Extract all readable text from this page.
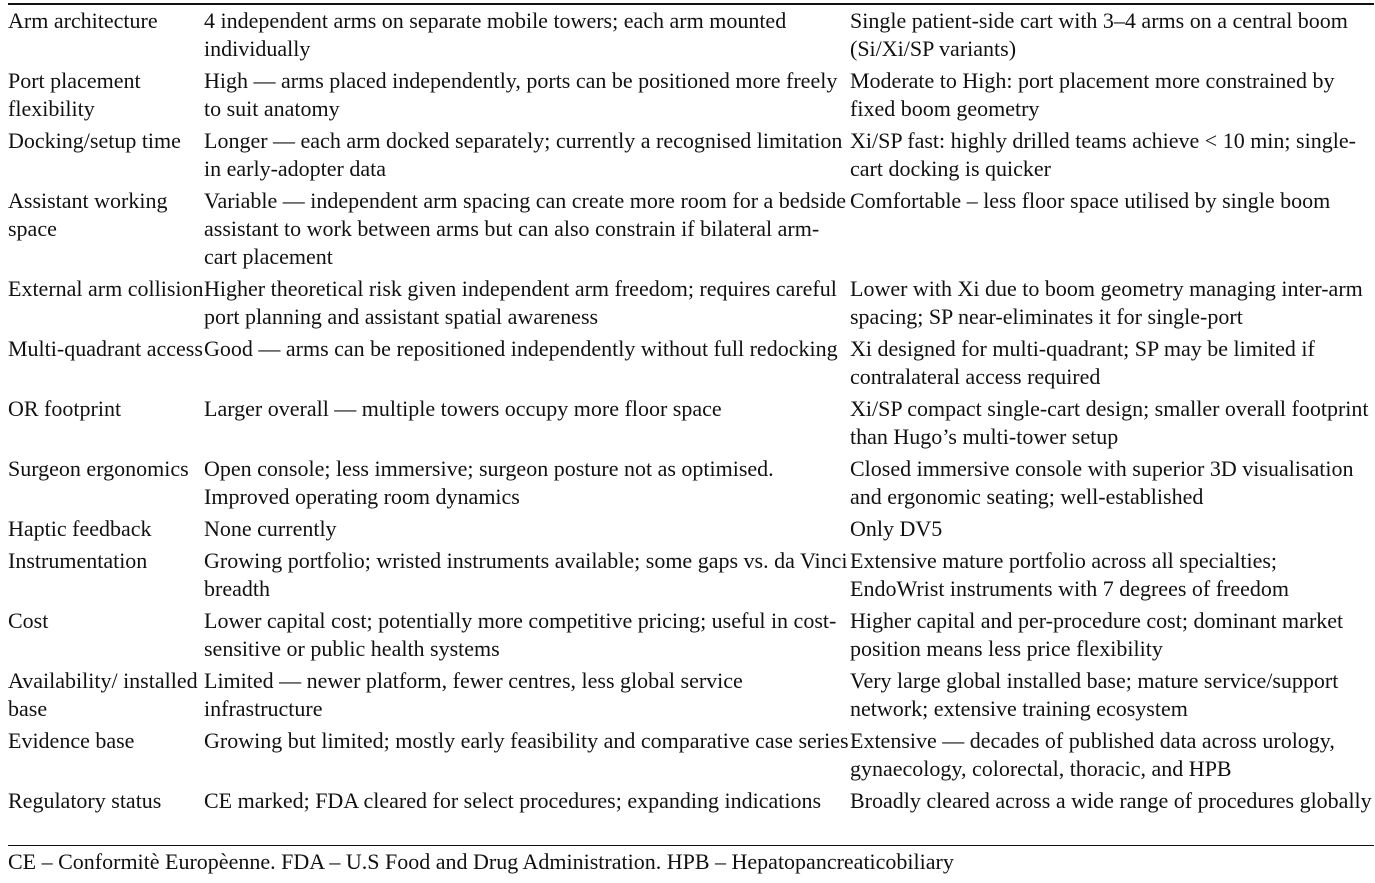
Arm architecture	4 independent arms on separate mobile towers; each arm mounted individually	Single patient-side cart with 3–4 arms on a central boom (Si/Xi/SP variants)
Port placement flexibility	High — arms placed independently, ports can be positioned more freely to suit anatomy	Moderate to High: port placement more constrained by fixed boom geometry
Docking/setup time	Longer — each arm docked separately; currently a recognised limitation in early-adopter data	Xi/SP fast: highly drilled teams achieve < 10 min; single-cart docking is quicker
Assistant working space	Variable — independent arm spacing can create more room for a bedside assistant to work between arms but can also constrain if bilateral arm-cart placement	Comfortable – less floor space utilised by single boom
External arm collision	Higher theoretical risk given independent arm freedom; requires careful port planning and assistant spatial awareness	Lower with Xi due to boom geometry managing inter-arm spacing; SP near-eliminates it for single-port
Multi-quadrant access	Good — arms can be repositioned independently without full redocking	Xi designed for multi-quadrant; SP may be limited if contralateral access required
OR footprint	Larger overall — multiple towers occupy more floor space	Xi/SP compact single-cart design; smaller overall footprint than Hugo’s multi-tower setup
Surgeon ergonomics	Open console; less immersive; surgeon posture not as optimised. Improved operating room dynamics	Closed immersive console with superior 3D visualisation and ergonomic seating; well-established
Haptic feedback	None currently	Only DV5
Instrumentation	Growing portfolio; wristed instruments available; some gaps vs. da Vinci breadth	Extensive mature portfolio across all specialties; EndoWrist instruments with 7 degrees of freedom
Cost	Lower capital cost; potentially more competitive pricing; useful in cost-sensitive or public health systems	Higher capital and per-procedure cost; dominant market position means less price flexibility
Availability/ installed base	Limited — newer platform, fewer centres, less global service infrastructure	Very large global installed base; mature service/support network; extensive training ecosystem
Evidence base	Growing but limited; mostly early feasibility and comparative case series	Extensive — decades of published data across urology, gynaecology, colorectal, thoracic, and HPB
Regulatory status	CE marked; FDA cleared for select procedures; expanding indications	Broadly cleared across a wide range of procedures globally
CE – Conformitè Europèenne. FDA – U.S Food and Drug Administration. HPB – Hepatopancreaticobiliary
